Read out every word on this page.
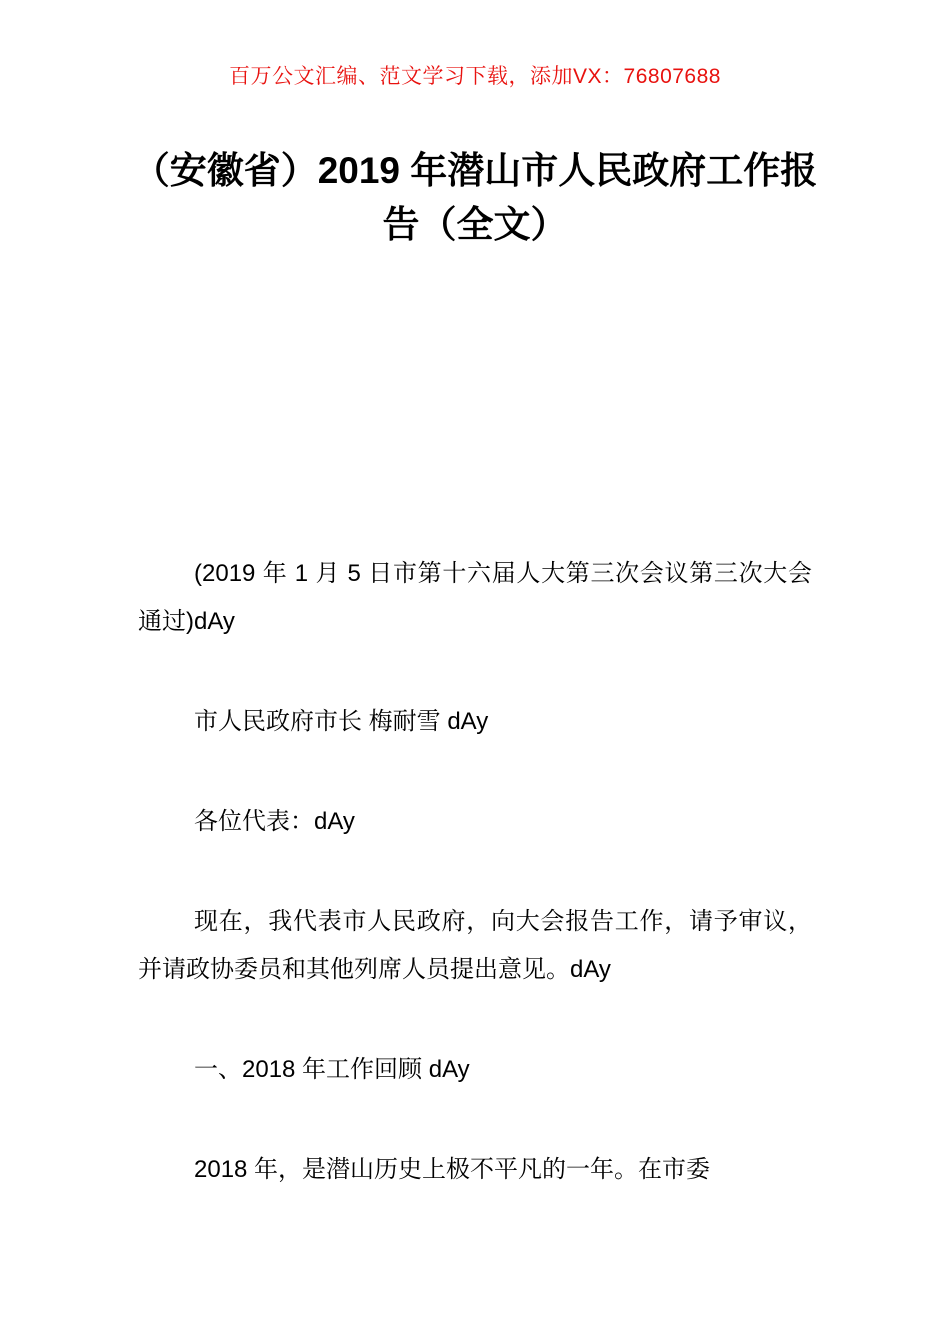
百万公文汇编、范文学习下载，添加VX：76807688
（安徽省）2019 年潜山市人民政府工作报告（全文）

(2019 年 1 月 5 日市第十六届人大第三次会议第三次大会通过)dAy

市人民政府市长 梅耐雪 dAy

各位代表：dAy

现在，我代表市人民政府，向大会报告工作，请予审议，并请政协委员和其他列席人员提出意见。dAy

一、2018 年工作回顾 dAy

2018 年，是潜山历史上极不平凡的一年。在市委
